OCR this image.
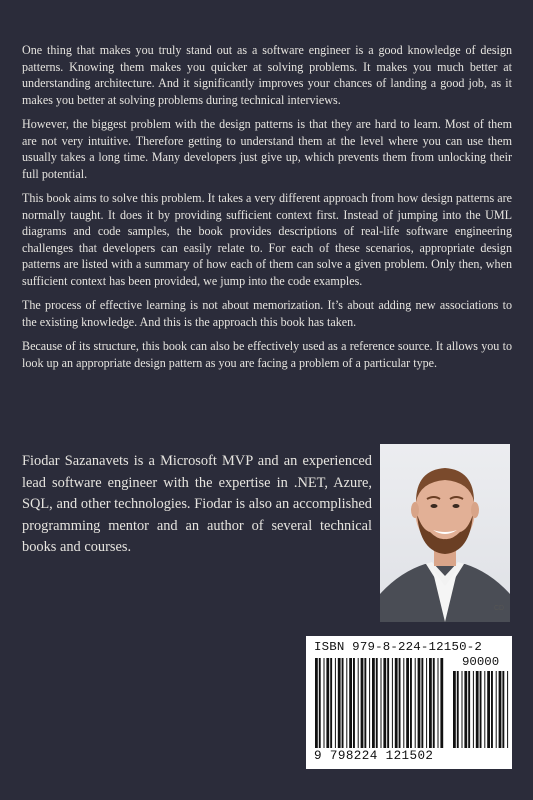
One thing that makes you truly stand out as a software engineer is a good knowledge of design patterns. Knowing them makes you quicker at solving problems. It makes you much better at understanding architecture. And it significantly improves your chances of landing a good job, as it makes you better at solving problems during technical interviews.

However, the biggest problem with the design patterns is that they are hard to learn. Most of them are not very intuitive. Therefore getting to understand them at the level where you can use them usually takes a long time. Many developers just give up, which prevents them from unlocking their full potential.

This book aims to solve this problem. It takes a very different approach from how design patterns are normally taught. It does it by providing sufficient context first. Instead of jumping into the UML diagrams and code samples, the book provides descriptions of real-life software engineering challenges that developers can easily relate to. For each of these scenarios, appropriate design patterns are listed with a summary of how each of them can solve a given problem. Only then, when sufficient context has been provided, we jump into the code examples.

The process of effective learning is not about memorization. It’s about adding new associations to the existing knowledge. And this is the approach this book has taken.

Because of its structure, this book can also be effectively used as a reference source. It allows you to look up an appropriate design pattern as you are facing a problem of a particular type.

Fiodar Sazanavets is a Microsoft MVP and an experienced lead software engineer with the expertise in .NET, Azure, SQL, and other technologies. Fiodar is also an accomplished programming mentor and an author of several technical books and courses.

CD
ISBN 979-8-224-12150-2
90000
9 798224 121502
